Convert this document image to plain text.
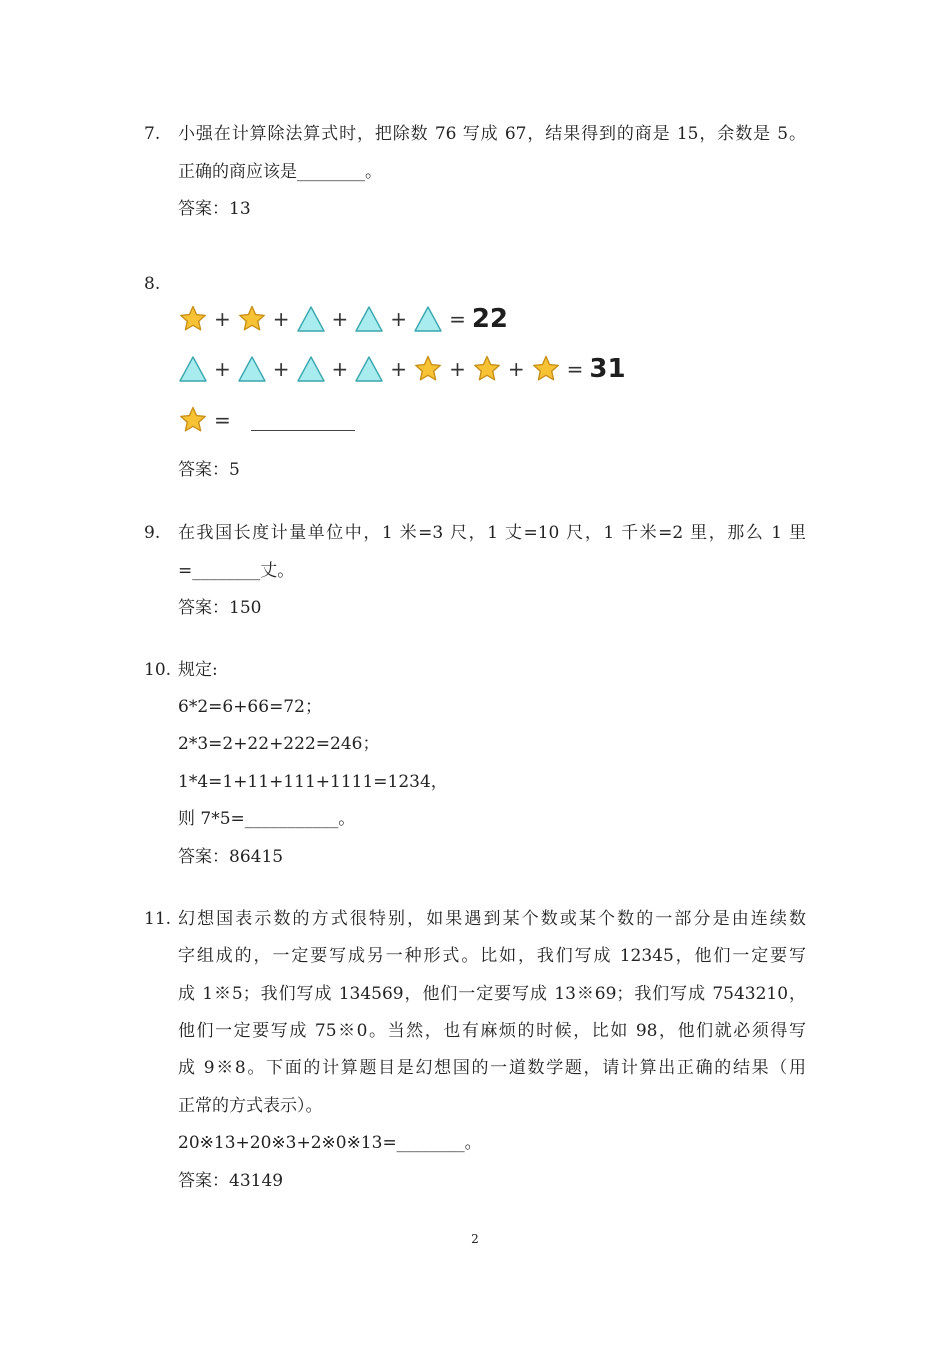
7. 小强在计算除法算式时，把除数 76 写成 67，结果得到的商是 15，余数是 5。
正确的商应该是________。
答案：13
8.
+ + + + = 22
+ + + + + + = 31
=
答案：5
9. 在我国长度计量单位中，1 米=3 尺，1 丈=10 尺，1 千米=2 里，那么 1 里
=________丈。
答案：150
10. 规定:
6*2=6+66=72；
2*3=2+22+222=246；
1*4=1+11+111+1111=1234，
则 7*5=___________。
答案：86415
11. 幻想国表示数的方式很特别，如果遇到某个数或某个数的一部分是由连续数
字组成的，一定要写成另一种形式。比如，我们写成 12345，他们一定要写
成 1※5；我们写成 134569，他们一定要写成 13※69；我们写成 7543210，
他们一定要写成 75※0。当然，也有麻烦的时候，比如 98，他们就必须得写
成 9※8。下面的计算题目是幻想国的一道数学题，请计算出正确的结果（用
正常的方式表示）。
20※13+20※3+2※0※13=________。
答案：43149
2
